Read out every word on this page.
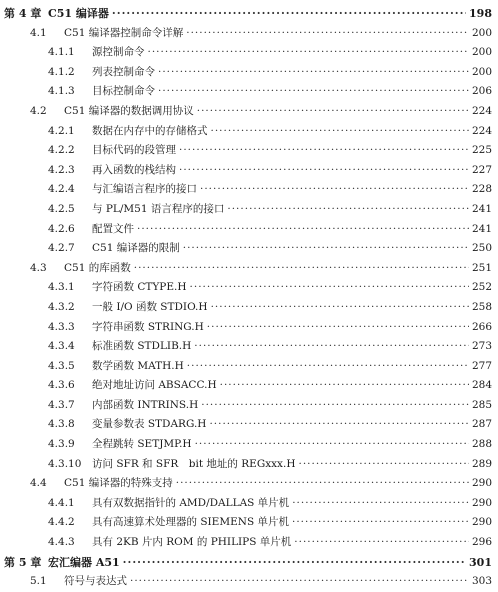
第 4 章 C51 编译器 ·····	198
4.1	C51 编译器控制命令详解 ·····	200
4.1.1	源控制命令 ·····	200
4.1.2	列表控制命令 ·····	200
4.1.3	目标控制命令 ·····	206
4.2	C51 编译器的数据调用协议 ·····	224
4.2.1	数据在内存中的存储格式 ·····	224
4.2.2	目标代码的段管理 ·····	225
4.2.3	再入函数的栈结构 ·····	227
4.2.4	与汇编语言程序的接口 ·····	228
4.2.5	与 PL/M51 语言程序的接口 ·····	241
4.2.6	配置文件 ·····	241
4.2.7	C51 编译器的限制 ·····	250
4.3	C51 的库函数 ·····	251
4.3.1	字符函数 CTYPE.H ·····	252
4.3.2	一般 I/O 函数 STDIO.H ·····	258
4.3.3	字符串函数 STRING.H ·····	266
4.3.4	标准函数 STDLIB.H ·····	273
4.3.5	数学函数 MATH.H ·····	277
4.3.6	绝对地址访问 ABSACC.H ·····	284
4.3.7	内部函数 INTRINS.H ·····	285
4.3.8	变量参数表 STDARG.H ·····	287
4.3.9	全程跳转 SETJMP.H ·····	288
4.3.10	访问 SFR 和 SFR　bit 地址的 REGxxx.H ·····	289
4.4	C51 编译器的特殊支持 ·····	290
4.4.1	具有双数据指针的 AMD/DALLAS 单片机 ·····	290
4.4.2	具有高速算术处理器的 SIEMENS 单片机 ·····	290
4.4.3	具有 2KB 片内 ROM 的 PHILIPS 单片机 ·····	296
第 5 章 宏汇编器 A51 ·····	301
5.1	符号与表达式 ·····	303
